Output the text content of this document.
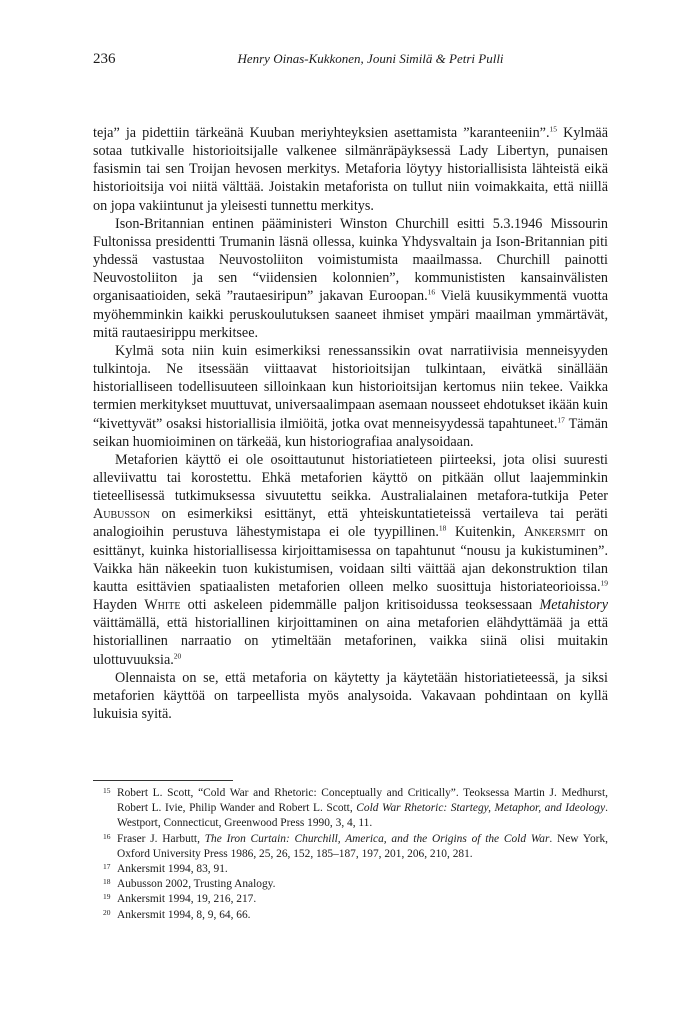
236	Henry Oinas-Kukkonen, Jouni Similä & Petri Pulli

teja” ja pidettiin tärkeänä Kuuban meriyhteyksien asettamista ”karanteeniin”.$^{15}$ Kylmää sotaa tutkivalle historioitsijalle valkenee silmänräpäyksessä Lady Libertyn, punaisen fasismin tai sen Troijan hevosen merkitys. Metaforia löytyy historiallisista lähteistä eikä historioitsija voi niitä välttää. Joistakin metaforista on tullut niin voimakkaita, että niillä on jopa vakiintunut ja yleisesti tunnettu merkitys.

Ison-Britannian entinen pääministeri Winston Churchill esitti 5.3.1946 Missourin Fultonissa presidentti Trumanin läsnä ollessa, kuinka Yhdysvaltain ja Ison-Britannian piti yhdessä vastustaa Neuvostoliiton voimistumista maailmassa. Churchill painotti Neuvostoliiton ja sen “viidensien kolonnien”, kommunististen kansainvälisten organisaatioiden, sekä ”rautaesiripun” jakavan Euroopan.$^{16}$ Vielä kuusikymmentä vuotta myöhemminkin kaikki peruskoulutuksen saaneet ihmiset ympäri maailman ymmärtävät, mitä rautaesirippu merkitsee.

Kylmä sota niin kuin esimerkiksi renessanssikin ovat narratiivisia menneisyyden tulkintoja. Ne itsessään viittaavat historioitsijan tulkintaan, eivätkä sinällään historialliseen todellisuuteen silloinkaan kun historioitsijan kertomus niin tekee. Vaikka termien merkitykset muuttuvat, universaalimpaan asemaan nousseet ehdotukset ikään kuin “kivettyvät” osaksi historiallisia ilmiöitä, jotka ovat menneisyydessä tapahtuneet.$^{17}$ Tämän seikan huomioiminen on tärkeää, kun historiografiaa analysoidaan.

Metaforien käyttö ei ole osoittautunut historiatieteen piirteeksi, jota olisi suuresti alleviivattu tai korostettu. Ehkä metaforien käyttö on pitkään ollut laajemminkin tieteellisessä tutkimuksessa sivuutettu seikka. Australialainen metafora-tutkija Peter Aubusson on esimerkiksi esittänyt, että yhteiskuntatieteissä vertaileva tai peräti analogioihin perustuva lähestymistapa ei ole tyypillinen.$^{18}$ Kuitenkin, Ankersmit on esittänyt, kuinka historiallisessa kirjoittamisessa on tapahtunut “nousu ja kukistuminen”. Vaikka hän näkeekin tuon kukistumisen, voidaan silti väittää ajan dekonstruktion tilan kautta esittävien spatiaalisten metaforien olleen melko suosittuja historiateorioissa.$^{19}$ Hayden White otti askeleen pidemmälle paljon kritisoidussa teoksessaan Metahistory väittämällä, että historiallinen kirjoittaminen on aina metaforien elähdyttämää ja että historiallinen narraatio on ytimeltään metaforinen, vaikka siinä olisi muitakin ulottuvuuksia.$^{20}$

Olennaista on se, että metaforia on käytetty ja käytetään historiatieteessä, ja siksi metaforien käyttöä on tarpeellista myös analysoida. Vakavaan pohdintaan on kyllä lukuisia syitä.

15 Robert L. Scott, “Cold War and Rhetoric: Conceptually and Critically”. Teoksessa Martin J. Medhurst, Robert L. Ivie, Philip Wander and Robert L. Scott, Cold War Rhetoric: Startegy, Metaphor, and Ideology. Westport, Connecticut, Greenwood Press 1990, 3, 4, 11.
16 Fraser J. Harbutt, The Iron Curtain: Churchill, America, and the Origins of the Cold War. New York, Oxford University Press 1986, 25, 26, 152, 185–187, 197, 201, 206, 210, 281.
17 Ankersmit 1994, 83, 91.
18 Aubusson 2002, Trusting Analogy.
19 Ankersmit 1994, 19, 216, 217.
20 Ankersmit 1994, 8, 9, 64, 66.
